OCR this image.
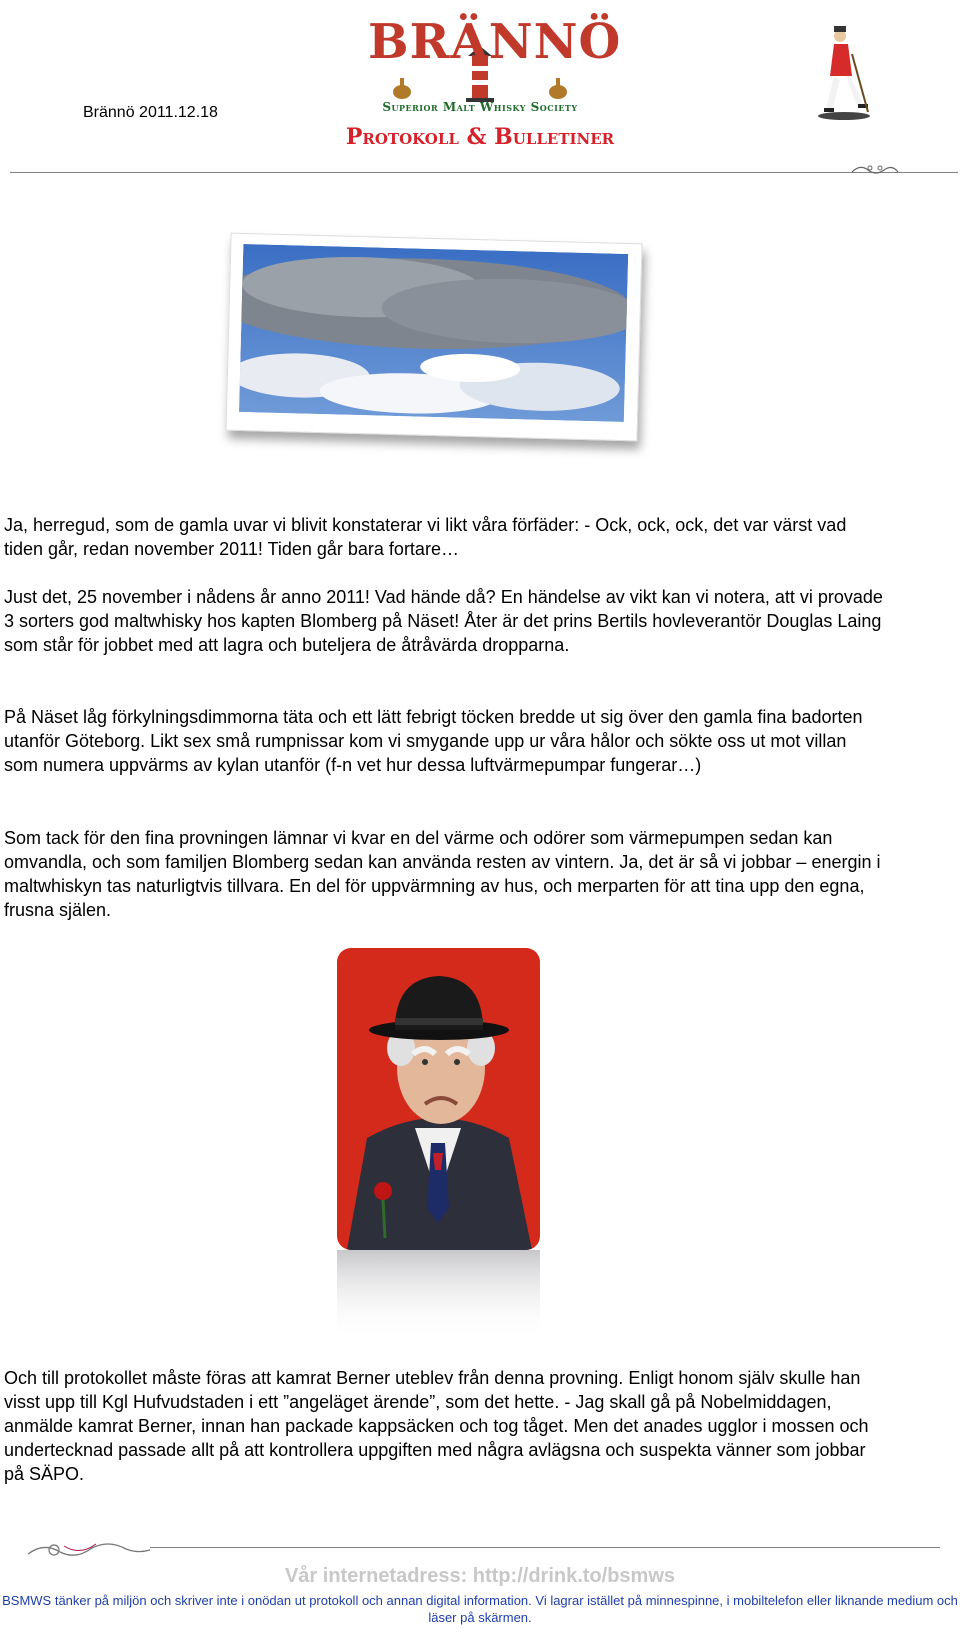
Brännö 2011.12.18
BRÄNNÖ
Superior Malt Whisky Society
Protokoll & Bulletiner

Ja, herregud, som de gamla uvar vi blivit konstaterar vi likt våra förfäder: - Ock, ock, ock, det var värst vad tiden går, redan november 2011! Tiden går bara fortare…

Just det, 25 november i nådens år anno 2011! Vad hände då? En händelse av vikt kan vi notera, att vi provade 3 sorters god maltwhisky hos kapten Blomberg på Näset! Åter är det prins Bertils hovleverantör Douglas Laing som står för jobbet med att lagra och buteljera de åtråvärda dropparna.

På Näset låg förkylningsdimmorna täta och ett lätt febrigt töcken bredde ut sig över den gamla fina badorten utanför Göteborg. Likt sex små rumpnissar kom vi smygande upp ur våra hålor och sökte oss ut mot villan som numera uppvärms av kylan utanför (f-n vet hur dessa luftvärmepumpar fungerar…)

Som tack för den fina provningen lämnar vi kvar en del värme och odörer som värmepumpen sedan kan omvandla, och som familjen Blomberg sedan kan använda resten av vintern. Ja, det är så vi jobbar – energin i maltwhiskyn tas naturligtvis tillvara. En del för uppvärmning av hus, och merparten för att tina upp den egna, frusna själen.

Och till protokollet måste föras att kamrat Berner uteblev från denna provning. Enligt honom själv skulle han visst upp till Kgl Hufvudstaden i ett ”angeläget ärende”, som det hette. - Jag skall gå på Nobelmiddagen, anmälde kamrat Berner, innan han packade kappsäcken och tog tåget. Men det anades ugglor i mossen och undertecknad passade allt på att kontrollera uppgiften med några avlägsna och suspekta vänner som jobbar på SÄPO.

Vår internetadress: http://drink.to/bsmws
BSMWS tänker på miljön och skriver inte i onödan ut protokoll och annan digital information. Vi lagrar istället på minnespinne, i mobiltelefon eller liknande medium och läser på skärmen.
